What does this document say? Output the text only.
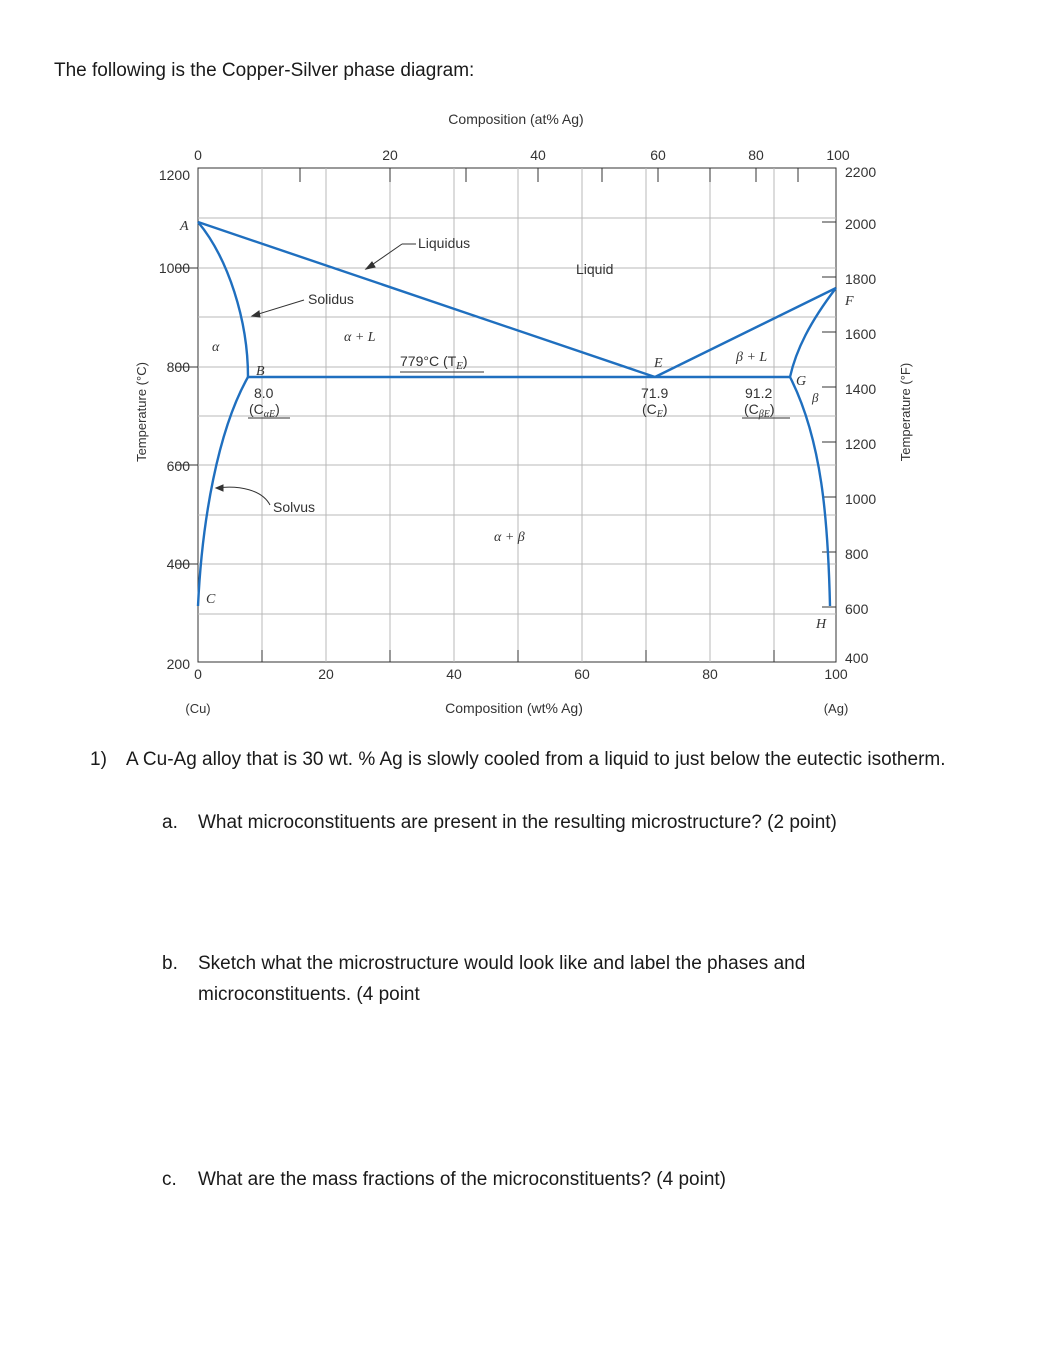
The following is the Copper-Silver phase diagram:
Composition (at% Ag)
Composition (wt% Ag)
Temperature (°C)	Temperature (°F)
0	20	40	60	80	100
0	20	40	60	80	100
1200
1000
800
600
400
200
2200
2000
1800
1600
1400
1200
1000
800
600
400
(Cu)	(Ag)
Liquidus
Liquid
Solidus
Solvus
α
α + L
β + L
β
α + β
779°C $(T_E)$
A
B
C
E
F
G
H
8.0
$(C_{\alpha E})$
71.9
$(C_E)$
91.2
$(C_{\beta E})$
1)	A Cu-Ag alloy that is 30 wt. % Ag is slowly cooled from a liquid to just below the eutectic isotherm.
a.	What microconstituents are present in the resulting microstructure? (2 point)
b.	Sketch what the microstructure would look like and label the phases and microconstituents. (4 point
c.	What are the mass fractions of the microconstituents? (4 point)
